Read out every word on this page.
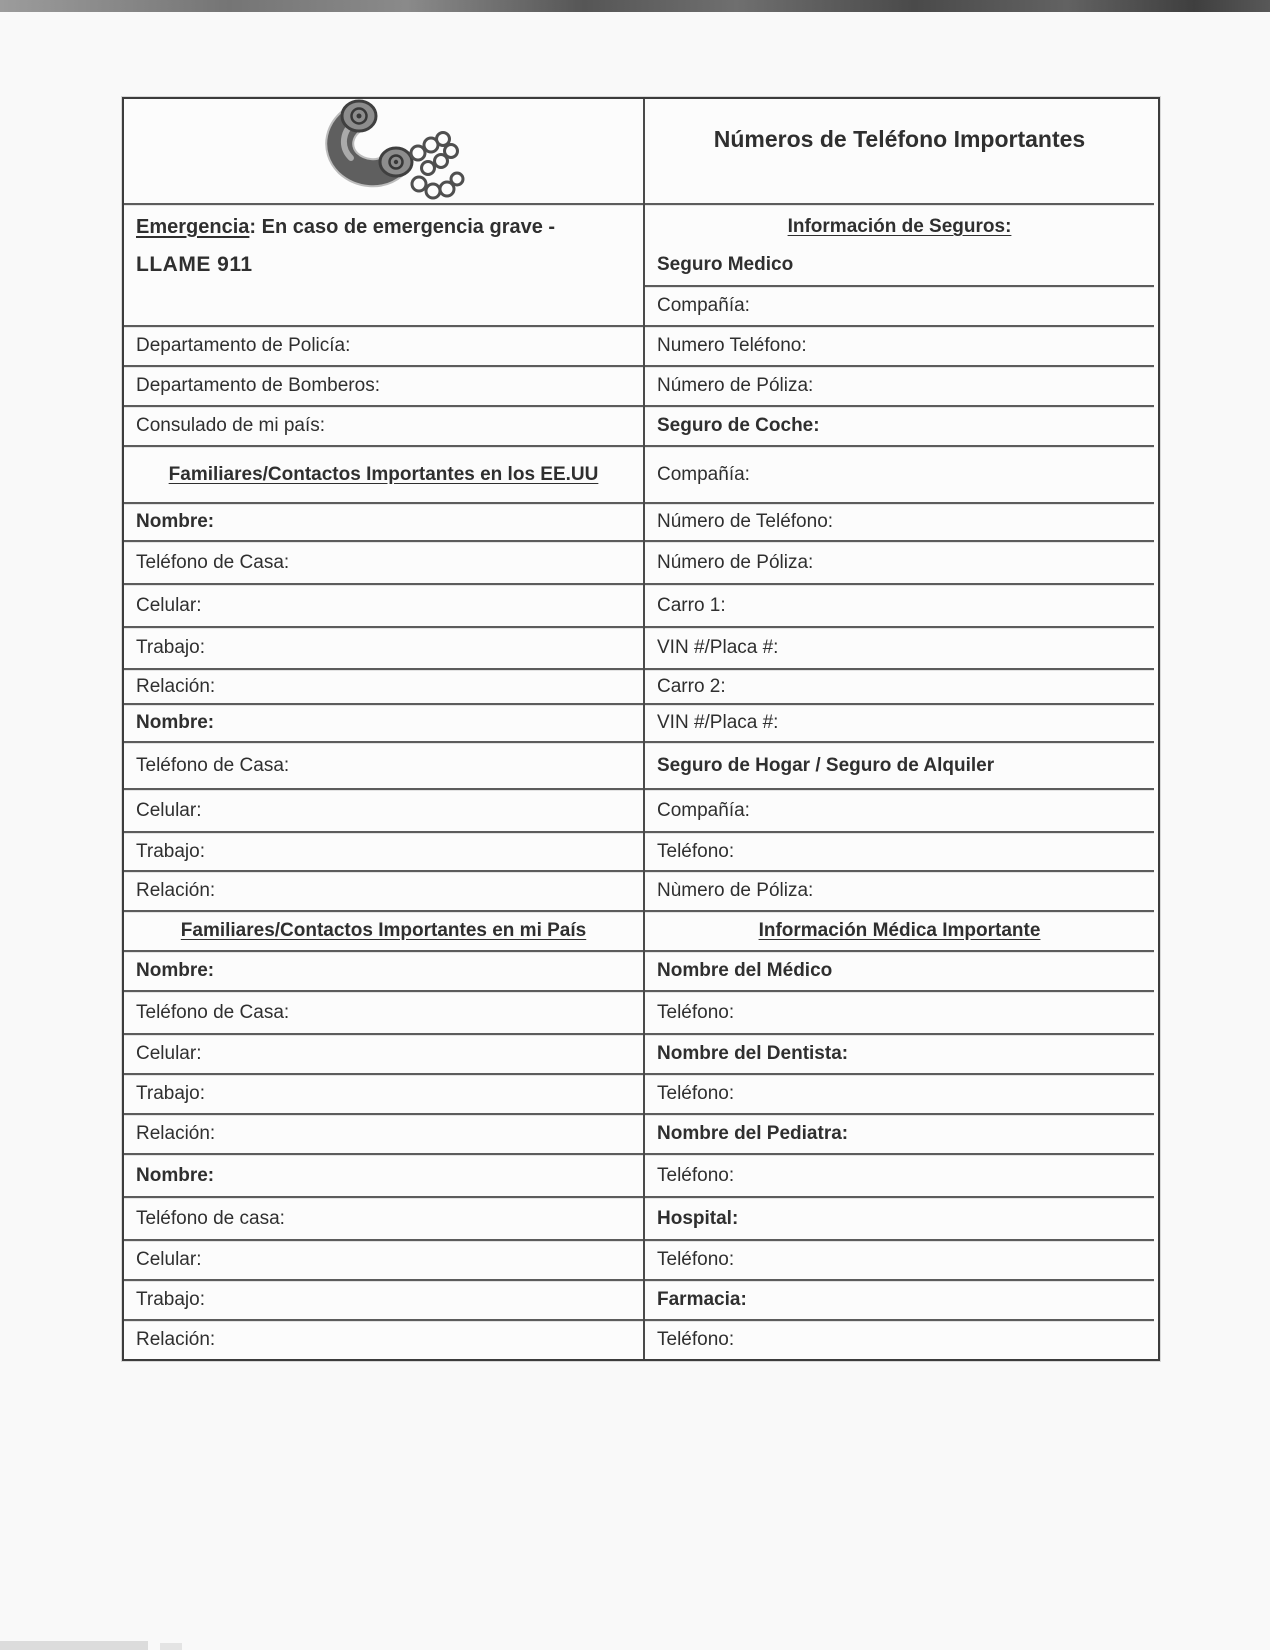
Emergencia: En caso de emergencia grave -
LLAME 911
Departamento de Policía:
Departamento de Bomberos:
Consulado de mi país:
Familiares/Contactos Importantes en los EE.UU
Nombre:
Teléfono de Casa:
Celular:
Trabajo:
Relación:
Nombre:
Teléfono de Casa:
Celular:
Trabajo:
Relación:
Familiares/Contactos Importantes en mi País
Nombre:
Teléfono de Casa:
Celular:
Trabajo:
Relación:
Nombre:
Teléfono de casa:
Celular:
Trabajo:
Relación:
Números de Teléfono Importantes
Información de Seguros:
Seguro Medico
Compañía:
Numero Teléfono:
Número de Póliza:
Seguro de Coche:
Compañía:
Número de Teléfono:
Número de Póliza:
Carro 1:
VIN #/Placa #:
Carro 2:
VIN #/Placa #:
Seguro de Hogar / Seguro de Alquiler
Compañía:
Teléfono:
Nùmero de Póliza:
Información Médica Importante
Nombre del Médico
Teléfono:
Nombre del Dentista:
Teléfono:
Nombre del Pediatra:
Teléfono:
Hospital:
Teléfono:
Farmacia:
Teléfono:
